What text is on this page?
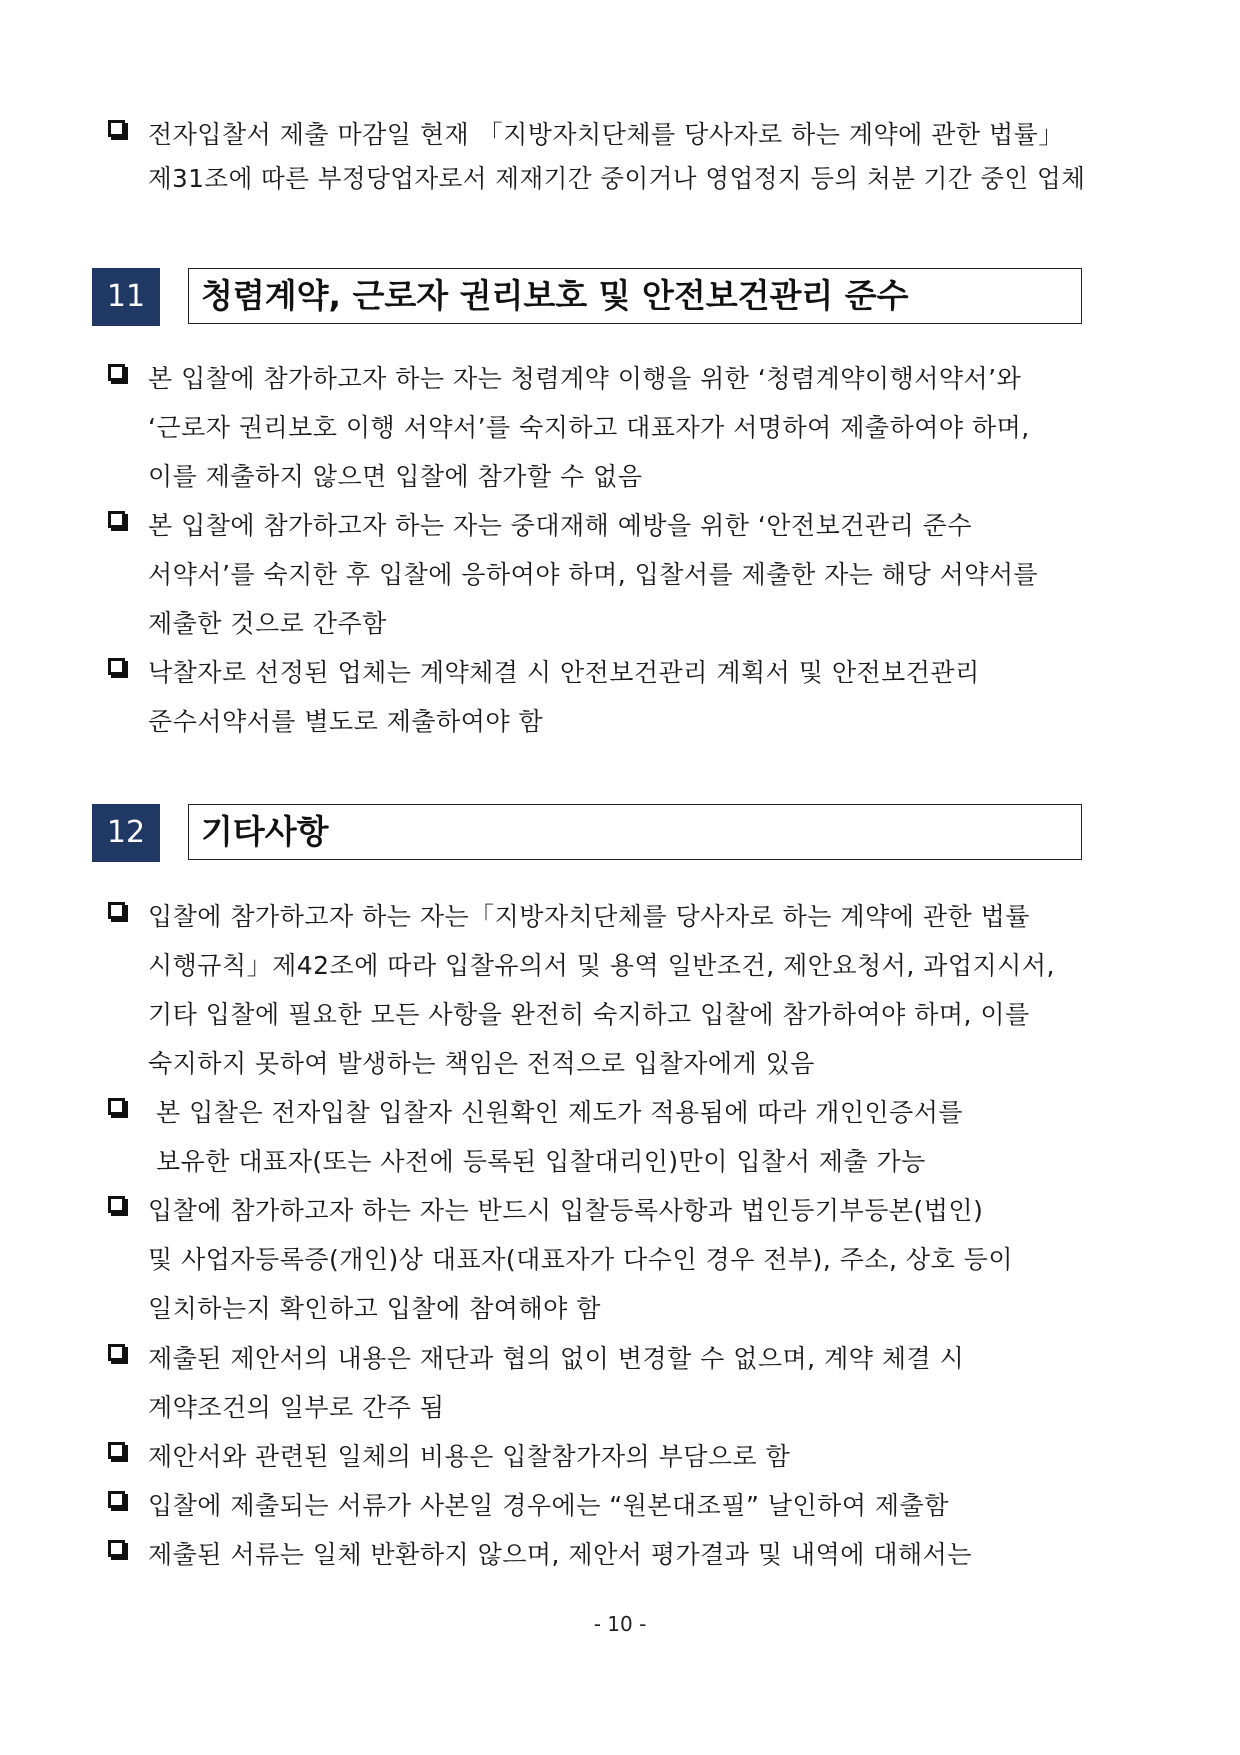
전자입찰서 제출 마감일 현재 「지방자치단체를 당사자로 하는 계약에 관한 법률」
제31조에 따른 부정당업자로서 제재기간 중이거나 영업정지 등의 처분 기간 중인 업체
11	청렴계약, 근로자 권리보호 및 안전보건관리 준수
본 입찰에 참가하고자 하는 자는 청렴계약 이행을 위한 ‘청렴계약이행서약서’와
‘근로자 권리보호 이행 서약서’를 숙지하고 대표자가 서명하여 제출하여야 하며,
이를 제출하지 않으면 입찰에 참가할 수 없음
본 입찰에 참가하고자 하는 자는 중대재해 예방을 위한 ‘안전보건관리 준수
서약서’를 숙지한 후 입찰에 응하여야 하며, 입찰서를 제출한 자는 해당 서약서를
제출한 것으로 간주함
낙찰자로 선정된 업체는 계약체결 시 안전보건관리 계획서 및 안전보건관리
준수서약서를 별도로 제출하여야 함
12	기타사항
입찰에 참가하고자 하는 자는「지방자치단체를 당사자로 하는 계약에 관한 법률
시행규칙」제42조에 따라 입찰유의서 및 용역 일반조건, 제안요청서, 과업지시서,
기타 입찰에 필요한 모든 사항을 완전히 숙지하고 입찰에 참가하여야 하며, 이를
숙지하지 못하여 발생하는 책임은 전적으로 입찰자에게 있음
본 입찰은 전자입찰 입찰자 신원확인 제도가 적용됨에 따라 개인인증서를
보유한 대표자(또는 사전에 등록된 입찰대리인)만이 입찰서 제출 가능
입찰에 참가하고자 하는 자는 반드시 입찰등록사항과 법인등기부등본(법인)
및 사업자등록증(개인)상 대표자(대표자가 다수인 경우 전부), 주소, 상호 등이
일치하는지 확인하고 입찰에 참여해야 함
제출된 제안서의 내용은 재단과 협의 없이 변경할 수 없으며, 계약 체결 시
계약조건의 일부로 간주 됨
제안서와 관련된 일체의 비용은 입찰참가자의 부담으로 함
입찰에 제출되는 서류가 사본일 경우에는 “원본대조필” 날인하여 제출함
제출된 서류는 일체 반환하지 않으며, 제안서 평가결과 및 내역에 대해서는
- 10 -
